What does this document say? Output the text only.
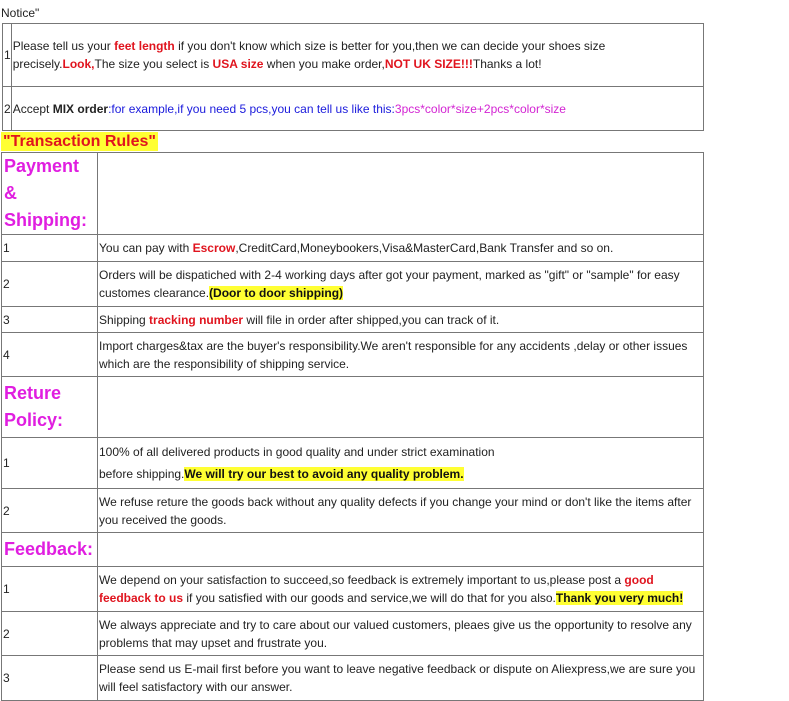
Notice"
1	Please tell us your feet length if you don't know which size is better for you,then we can decide your shoes size precisely.Look,The size you select is USA size when you make order,NOT UK SIZE!!!Thanks a lot!
2	Accept MIX order:for example,if you need 5 pcs,you can tell us like this:3pcs*color*size+2pcs*color*size
"Transaction Rules"
Payment &
Shipping:	
1	You can pay with Escrow,CreditCard,Moneybookers,Visa&MasterCard,Bank Transfer and so on.
2	Orders will be dispatiched with 2-4 working days after got your payment, marked as "gift" or "sample" for easy customes clearance.(Door to door shipping)
3	Shipping tracking number will file in order after shipped,you can track of it.
4	Import charges&tax are the buyer's responsibility.We aren't responsible for any accidents ,delay or other issues which are the responsibility of shipping service.
Reture
Policy:	
1	100% of all delivered products in good quality and under strict examination
before shipping.We will try our best to avoid any quality problem.
2	We refuse reture the goods back without any quality defects if you change your mind or don't like the items after you received the goods.
Feedback:	
1	We depend on your satisfaction to succeed,so feedback is extremely important to us,please post a good feedback to us if you satisfied with our goods and service,we will do that for you also.Thank you very much!
2	We always appreciate and try to care about our valued customers, pleaes give us the opportunity to resolve any problems that may upset and frustrate you.
3	Please send us E-mail first before you want to leave negative feedback or dispute on Aliexpress,we are sure you will feel satisfactory with our answer.
